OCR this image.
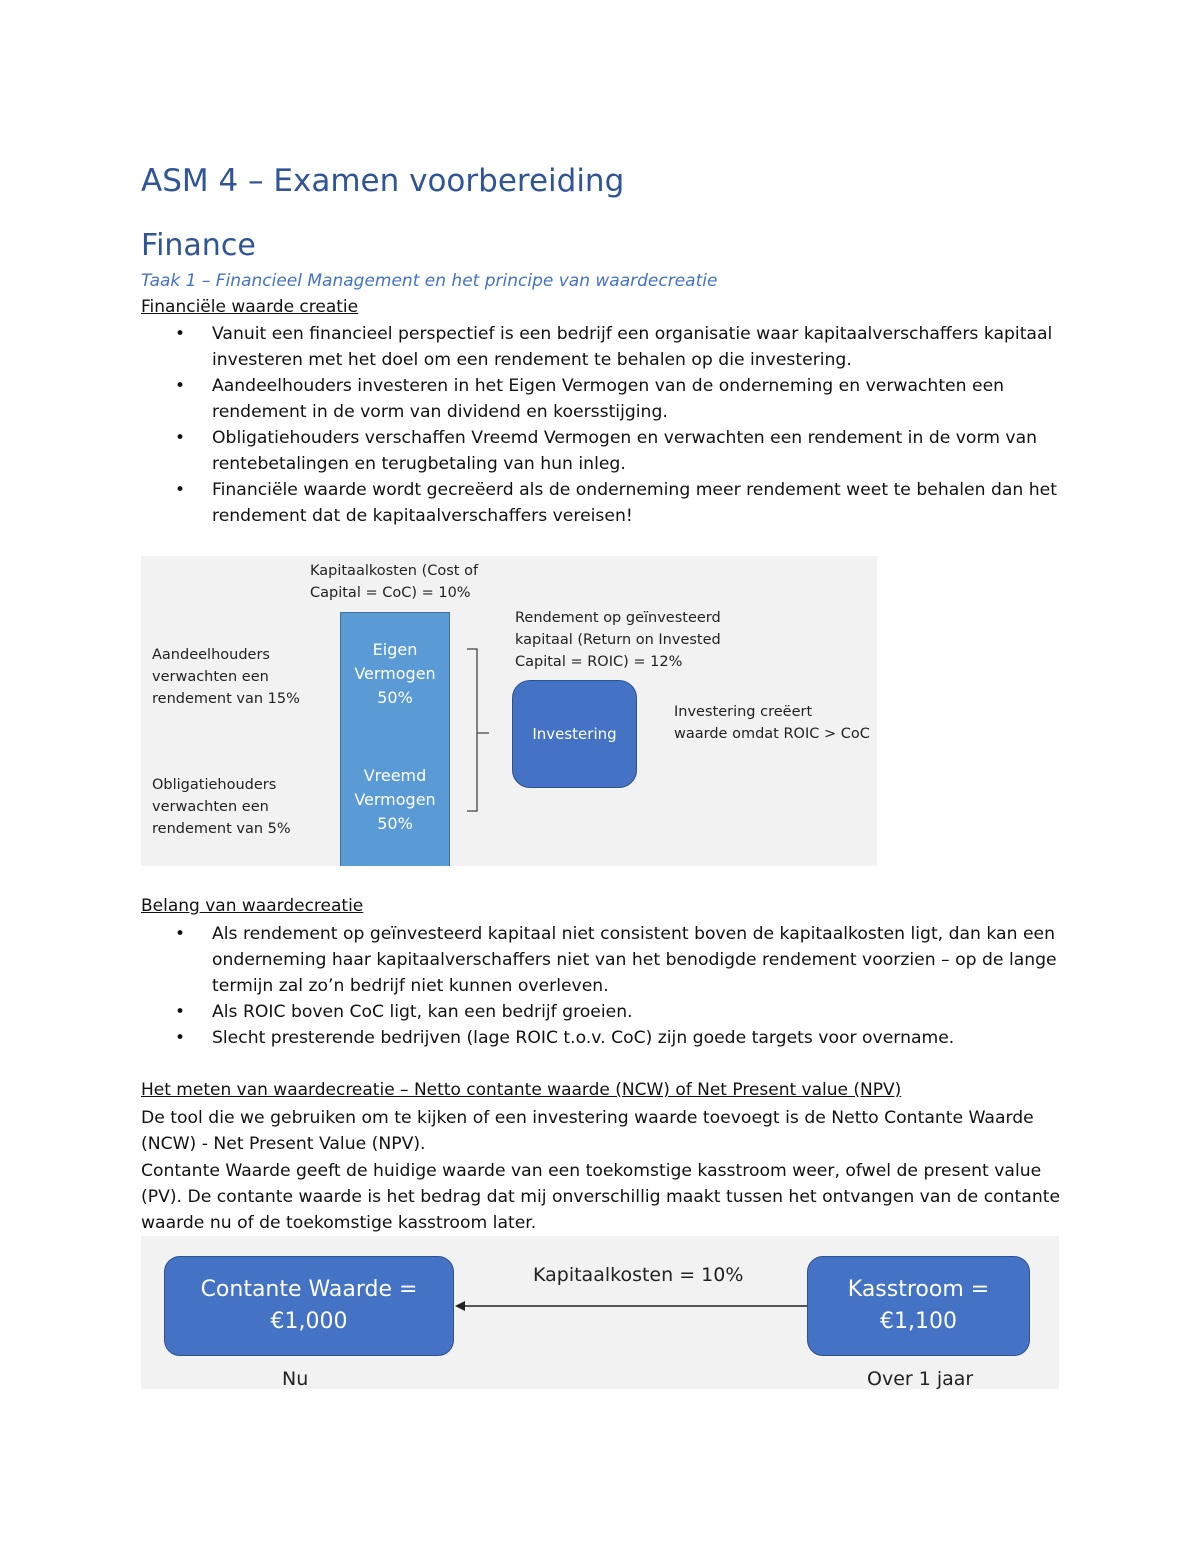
ASM 4 – Examen voorbereiding
Finance
Taak 1 – Financieel Management en het principe van waardecreatie
Financiële waarde creatie
• Vanuit een financieel perspectief is een bedrijf een organisatie waar kapitaalverschaffers kapitaal investeren met het doel om een rendement te behalen op die investering.
• Aandeelhouders investeren in het Eigen Vermogen van de onderneming en verwachten een rendement in de vorm van dividend en koersstijging.
• Obligatiehouders verschaffen Vreemd Vermogen en verwachten een rendement in de vorm van rentebetalingen en terugbetaling van hun inleg.
• Financiële waarde wordt gecreëerd als de onderneming meer rendement weet te behalen dan het rendement dat de kapitaalverschaffers vereisen!
Kapitaalkosten (Cost of
Capital = CoC) = 10%
Aandeelhouders
verwachten een
rendement van 15%
Obligatiehouders
verwachten een
rendement van 5%
Eigen
Vermogen
50%
Vreemd
Vermogen
50%
Rendement op geïnvesteerd
kapitaal (Return on Invested
Capital = ROIC) = 12%
Investering
Investering creëert
waarde omdat ROIC > CoC
Belang van waardecreatie
• Als rendement op geïnvesteerd kapitaal niet consistent boven de kapitaalkosten ligt, dan kan een onderneming haar kapitaalverschaffers niet van het benodigde rendement voorzien – op de lange termijn zal zo’n bedrijf niet kunnen overleven.
• Als ROIC boven CoC ligt, kan een bedrijf groeien.
• Slecht presterende bedrijven (lage ROIC t.o.v. CoC) zijn goede targets voor overname.
Het meten van waardecreatie – Netto contante waarde (NCW) of Net Present value (NPV)
De tool die we gebruiken om te kijken of een investering waarde toevoegt is de Netto Contante Waarde (NCW) - Net Present Value (NPV).
Contante Waarde geeft de huidige waarde van een toekomstige kasstroom weer, ofwel de present value (PV). De contante waarde is het bedrag dat mij onverschillig maakt tussen het ontvangen van de contante waarde nu of de toekomstige kasstroom later.
Contante Waarde =
€1,000
Kasstroom =
€1,100
Kapitaalkosten = 10%
Nu	Over 1 jaar
